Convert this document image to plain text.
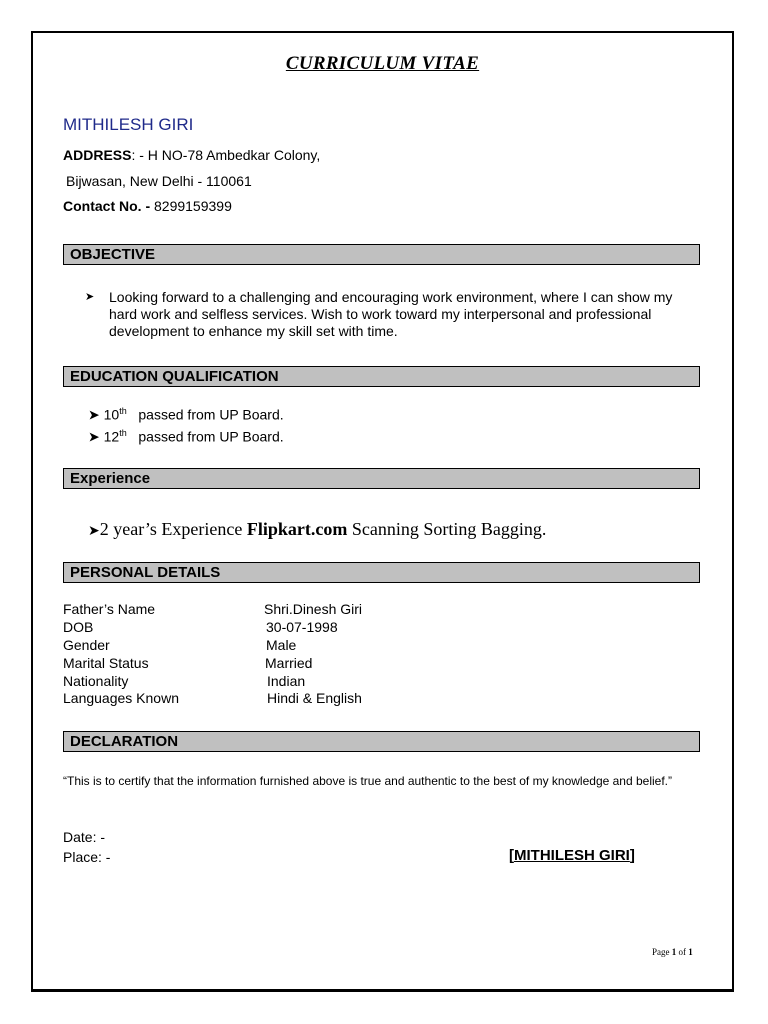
CURRICULUM VITAE
MITHILESH GIRI
ADDRESS: - H NO-78 Ambedkar Colony,
Bijwasan, New Delhi - 110061
Contact No. - 8299159399
OBJECTIVE
➤ Looking forward to a challenging and encouraging work environment, where I can show my hard work and selfless services. Wish to work toward my interpersonal and professional development to enhance my skill set with time.
EDUCATION QUALIFICATION
➤ 10th passed from UP Board.
➤ 12th passed from UP Board.
Experience
➤2 year’s Experience Flipkart.com Scanning Sorting Bagging.
PERSONAL DETAILS
Father’s Name	Shri.Dinesh Giri
DOB	30-07-1998
Gender	Male
Marital Status	Married
Nationality	Indian
Languages Known	Hindi & English
DECLARATION
“This is to certify that the information furnished above is true and authentic to the best of my knowledge and belief.”
Date: -
Place: -	[MITHILESH GIRI]
Page 1 of 1
